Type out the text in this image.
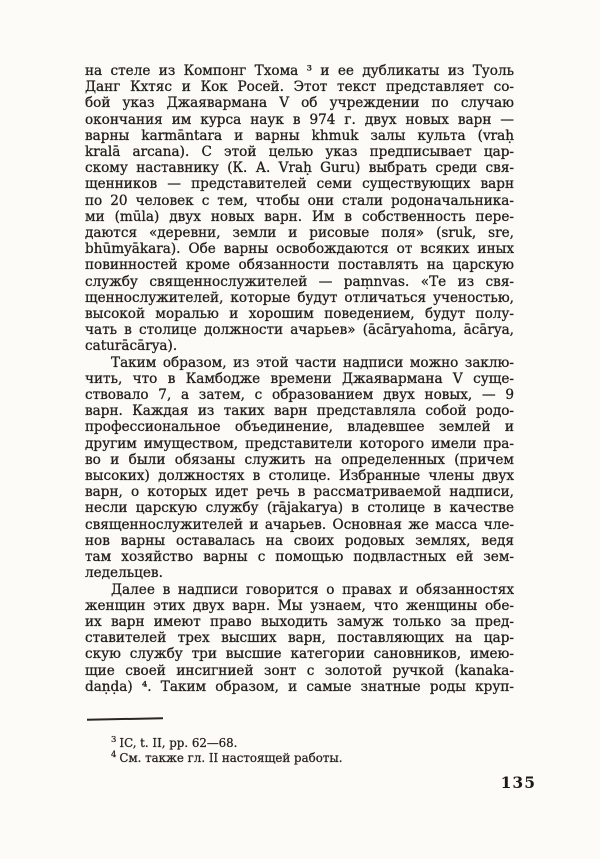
на стеле из Компонг Тхома ³ и ее дубликаты из Туоль
Данг Кхтяс и Кок Росей. Этот текст представляет со-
бой указ Джаявармана V об учреждении по случаю
окончания им курса наук в 974 г. двух новых варн —
варны karmāntara и варны khmuk залы культа (vraḥ
kralā arcana). С этой целью указ предписывает цар-
скому наставнику (К. А. Vraḥ Guru) выбрать среди свя-
щенников — представителей семи существующих варн
по 20 человек с тем, чтобы они стали родоначальника-
ми (mūla) двух новых варн. Им в собственность пере-
даются «деревни, земли и рисовые поля» (sruk, sre,
bhūmyākara). Обе варны освобождаются от всяких иных
повинностей кроме обязанности поставлять на царскую
службу священнослужителей — paṃnvas. «Те из свя-
щеннослужителей, которые будут отличаться ученостью,
высокой моралью и хорошим поведением, будут полу-
чать в столице должности ачарьев» (ācāryahoma, ācārya,
caturācārya).

Таким образом, из этой части надписи можно заклю-
чить, что в Камбодже времени Джаявармана V суще-
ствовало 7, а затем, с образованием двух новых, — 9
варн. Каждая из таких варн представляла собой родо-
профессиональное объединение, владевшее землей и
другим имуществом, представители которого имели пра-
во и были обязаны служить на определенных (причем
высоких) должностях в столице. Избранные члены двух
варн, о которых идет речь в рассматриваемой надписи,
несли царскую службу (rājakarya) в столице в качестве
священнослужителей и ачарьев. Основная же масса чле-
нов варны оставалась на своих родовых землях, ведя
там хозяйство варны с помощью подвластных ей зем-
ледельцев.

Далее в надписи говорится о правах и обязанностях
женщин этих двух варн. Мы узнаем, что женщины обе-
их варн имеют право выходить замуж только за пред-
ставителей трех высших варн, поставляющих на цар-
скую службу три высшие категории сановников, имею-
щие своей инсигнией зонт с золотой ручкой (kanaka-
daṇḍa) ⁴. Таким образом, и самые знатные роды круп-

$^3$ IC, t. II, pp. 62—68.
$^4$ См. также гл. II настоящей работы.
135
